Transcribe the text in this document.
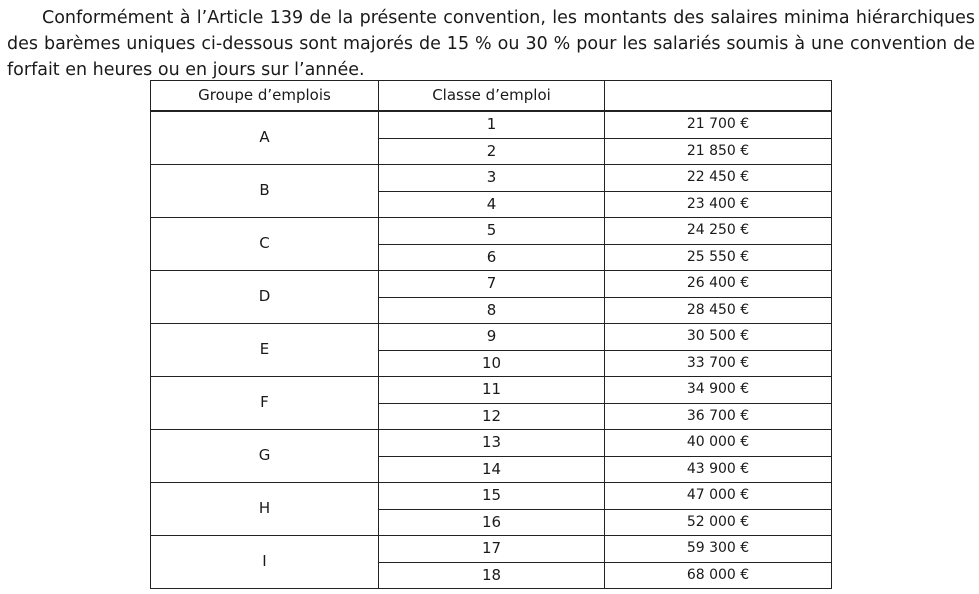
Conformément à l’Article 139 de la présente convention, les montants des salaires minima hiérarchiques des barèmes uniques ci-dessous sont majorés de 15 % ou 30 % pour les salariés soumis à une convention de forfait en heures ou en jours sur l’année.

Groupe d’emplois	Classe d’emploi	
A	1	21 700 €
	2	21 850 €
B	3	22 450 €
	4	23 400 €
C	5	24 250 €
	6	25 550 €
D	7	26 400 €
	8	28 450 €
E	9	30 500 €
	10	33 700 €
F	11	34 900 €
	12	36 700 €
G	13	40 000 €
	14	43 900 €
H	15	47 000 €
	16	52 000 €
I	17	59 300 €
	18	68 000 €
